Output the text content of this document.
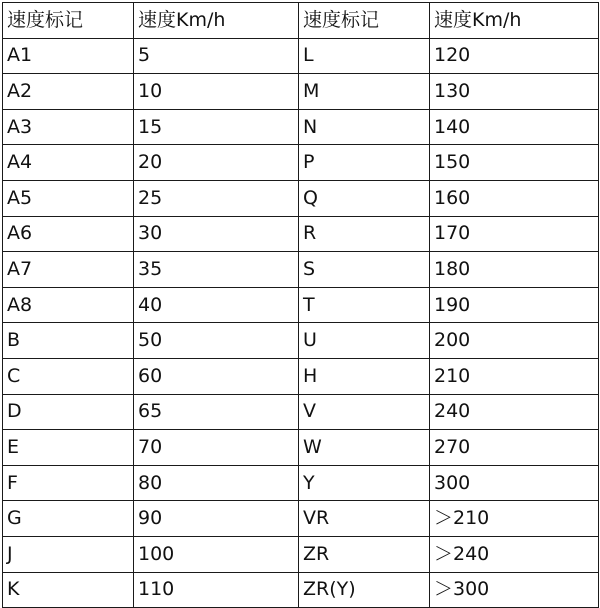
速度标记	速度Km/h	速度标记	速度Km/h
A1	5	L	120
A2	10	M	130
A3	15	N	140
A4	20	P	150
A5	25	Q	160
A6	30	R	170
A7	35	S	180
A8	40	T	190
B	50	U	200
C	60	H	210
D	65	V	240
E	70	W	270
F	80	Y	300
G	90	VR	＞210
J	100	ZR	＞240
K	110	ZR(Y)	＞300
